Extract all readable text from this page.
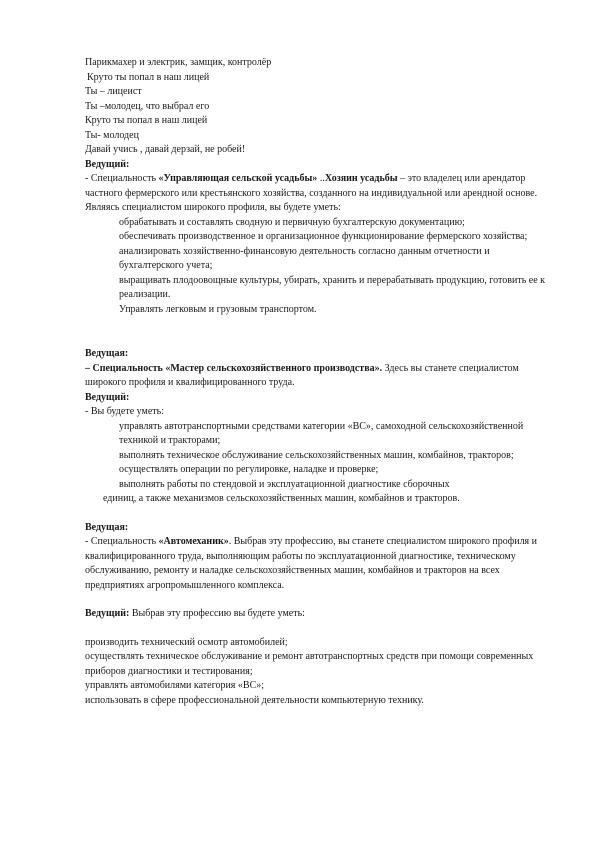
Парикмахер и электрик, замщик, контролёр

Круто ты попал в наш лицей

Ты – лицеист

Ты –молодец, что выбрал его

Круто ты попал в наш лицей

Ты- молодец

Давай учись , давай дерзай, не робей!

Ведущий:

- Специальность «Управляющая сельской усадьбы» ..Хозяин усадьбы – это владелец или арендатор частного фермерского или крестьянского хозяйства, созданного на индивидуальной или арендной основе. Являясь специалистом широкого профиля, вы будете уметь:

обрабатывать и составлять сводную и первичную бухгалтерскую документацию;

обеспечивать производственное и организационное функционирование фермерского хозяйства;

анализировать хозяйственно-финансовую деятельность согласно данным отчетности и бухгалтерского учета;

выращивать плодоовощные культуры, убирать, хранить и перерабатывать продукцию, готовить ее к реализации.

Управлять легковым и грузовым транспортом.

Ведущая:

– Специальность «Мастер сельскохозяйственного производства». Здесь вы станете специалистом широкого профиля и квалифицированного труда.

Ведущий:

- Вы будете уметь:

управлять автотранспортными средствами категории «ВС», самоходной сельскохозяйственной техникой и тракторами;

выполнять техническое обслуживание сельскохозяйственных машин, комбайнов, тракторов;

осуществлять операции по регулировке, наладке и проверке;

выполнять работы по стендовой и эксплуатационной диагностике сборочных

единиц, а также механизмов сельскохозяйственных машин, комбайнов и тракторов.

Ведущая:

- Специальность «Автомеханик». Выбрав эту профессию, вы станете специалистом широкого профиля и квалифицированного труда, выполняющим работы по эксплуатационной диагностике, техническому обслуживанию, ремонту и наладке сельскохозяйственных машин, комбайнов и тракторов на всех предприятиях агропромышленного комплекса.

Ведущий: Выбрав эту профессию вы будете уметь:

производить технический осмотр автомобилей;

осуществлять техническое обслуживание и ремонт автотранспортных средств при помощи современных приборов диагностики и тестирования;

управлять автомобилями категория «ВС»;

использовать в сфере профессиональной деятельности компьютерную технику.
